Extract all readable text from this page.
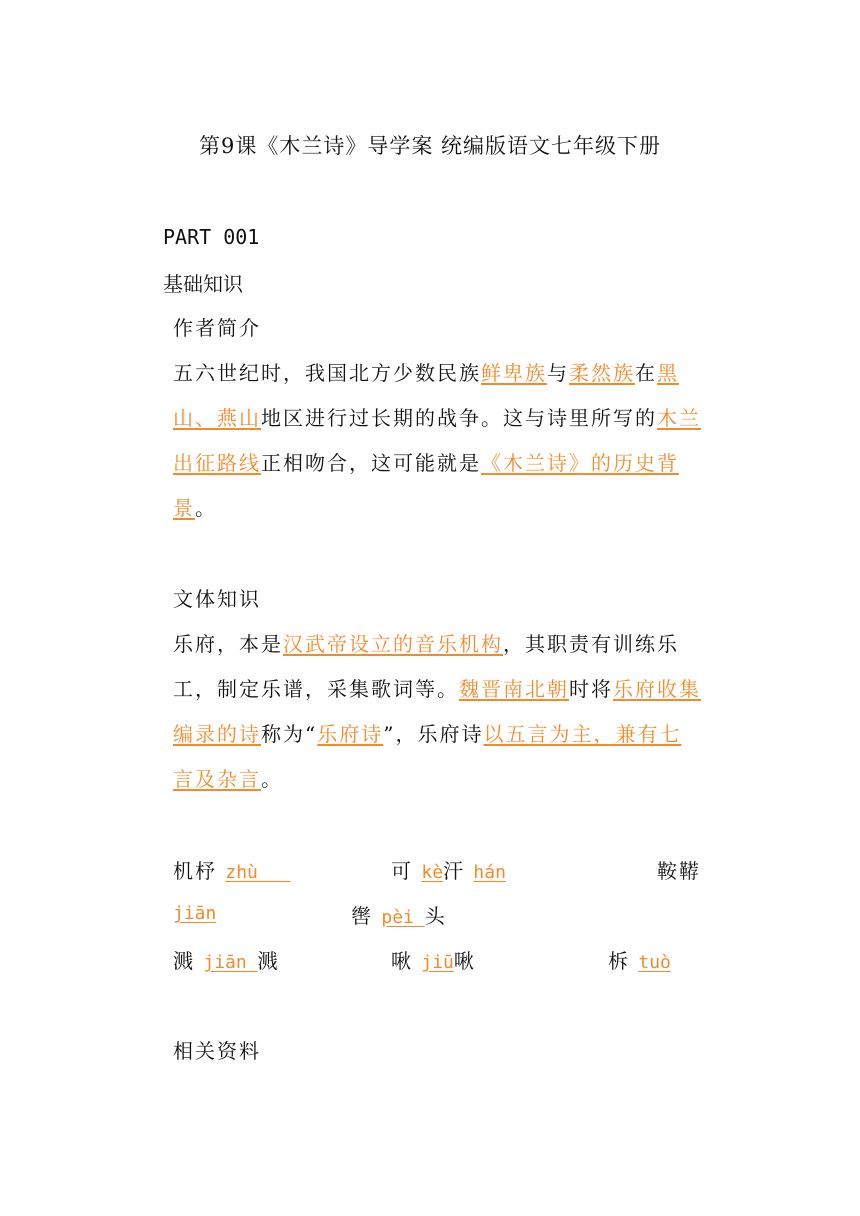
第9课《木兰诗》导学案 统编版语文七年级下册
PART 001
基础知识
作者简介
五六世纪时，我国北方少数民族鲜卑族与柔然族在黑山、燕山地区进行过长期的战争。这与诗里所写的木兰出征路线正相吻合，这可能就是《木兰诗》的历史背景。
文体知识
乐府，本是汉武帝设立的音乐机构，其职责有训练乐工，制定乐谱，采集歌词等。魏晋南北朝时将乐府收集编录的诗称为“乐府诗”，乐府诗以五言为主，兼有七言及杂言。
机杼 zhù	可 kè汗 hán	鞍鞯
jiān	辔 pèi 头
溅 jiān 溅	啾 jiū啾	柝 tuò
相关资料
